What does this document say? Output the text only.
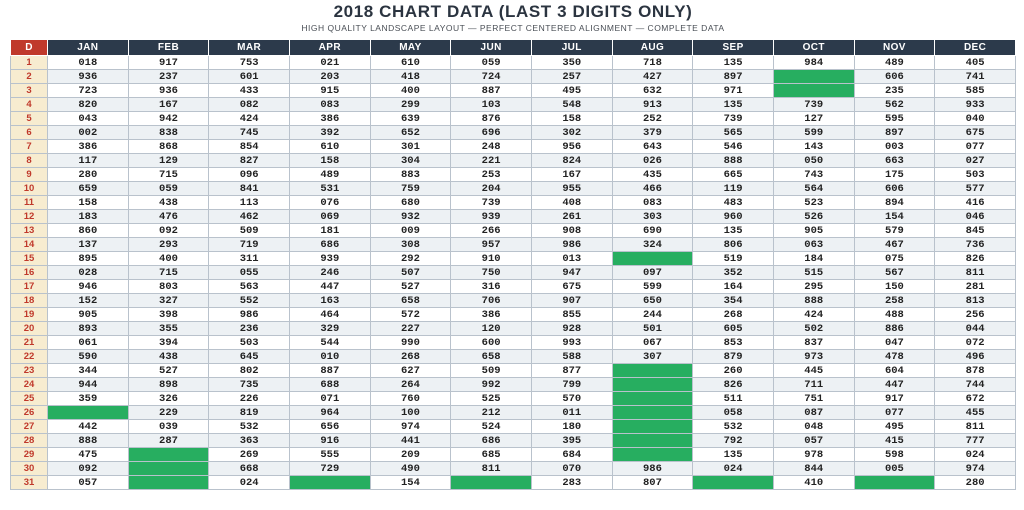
2018 CHART DATA (LAST 3 DIGITS ONLY)
HIGH QUALITY LANDSCAPE LAYOUT — PERFECT CENTERED ALIGNMENT — COMPLETE DATA
D	JAN	FEB	MAR	APR	MAY	JUN	JUL	AUG	SEP	OCT	NOV	DEC
1	018	917	753	021	610	059	350	718	135	984	489	405
2	936	237	601	203	418	724	257	427	897		606	741
3	723	936	433	915	400	887	495	632	971		235	585
4	820	167	082	083	299	103	548	913	135	739	562	933
5	043	942	424	386	639	876	158	252	739	127	595	040
6	002	838	745	392	652	696	302	379	565	599	897	675
7	386	868	854	610	301	248	956	643	546	143	003	077
8	117	129	827	158	304	221	824	026	888	050	663	027
9	280	715	096	489	883	253	167	435	665	743	175	503
10	659	059	841	531	759	204	955	466	119	564	606	577
11	158	438	113	076	680	739	408	083	483	523	894	416
12	183	476	462	069	932	939	261	303	960	526	154	046
13	860	092	509	181	009	266	908	690	135	905	579	845
14	137	293	719	686	308	957	986	324	806	063	467	736
15	895	400	311	939	292	910	013		519	184	075	826
16	028	715	055	246	507	750	947	097	352	515	567	811
17	946	803	563	447	527	316	675	599	164	295	150	281
18	152	327	552	163	658	706	907	650	354	888	258	813
19	905	398	986	464	572	386	855	244	268	424	488	256
20	893	355	236	329	227	120	928	501	605	502	886	044
21	061	394	503	544	990	600	993	067	853	837	047	072
22	590	438	645	010	268	658	588	307	879	973	478	496
23	344	527	802	887	627	509	877		260	445	604	878
24	944	898	735	688	264	992	799		826	711	447	744
25	359	326	226	071	760	525	570		511	751	917	672
26		229	819	964	100	212	011		058	087	077	455
27	442	039	532	656	974	524	180		532	048	495	811
28	888	287	363	916	441	686	395		792	057	415	777
29	475		269	555	209	685	684		135	978	598	024
30	092		668	729	490	811	070	986	024	844	005	974
31	057		024		154		283	807		410		280
